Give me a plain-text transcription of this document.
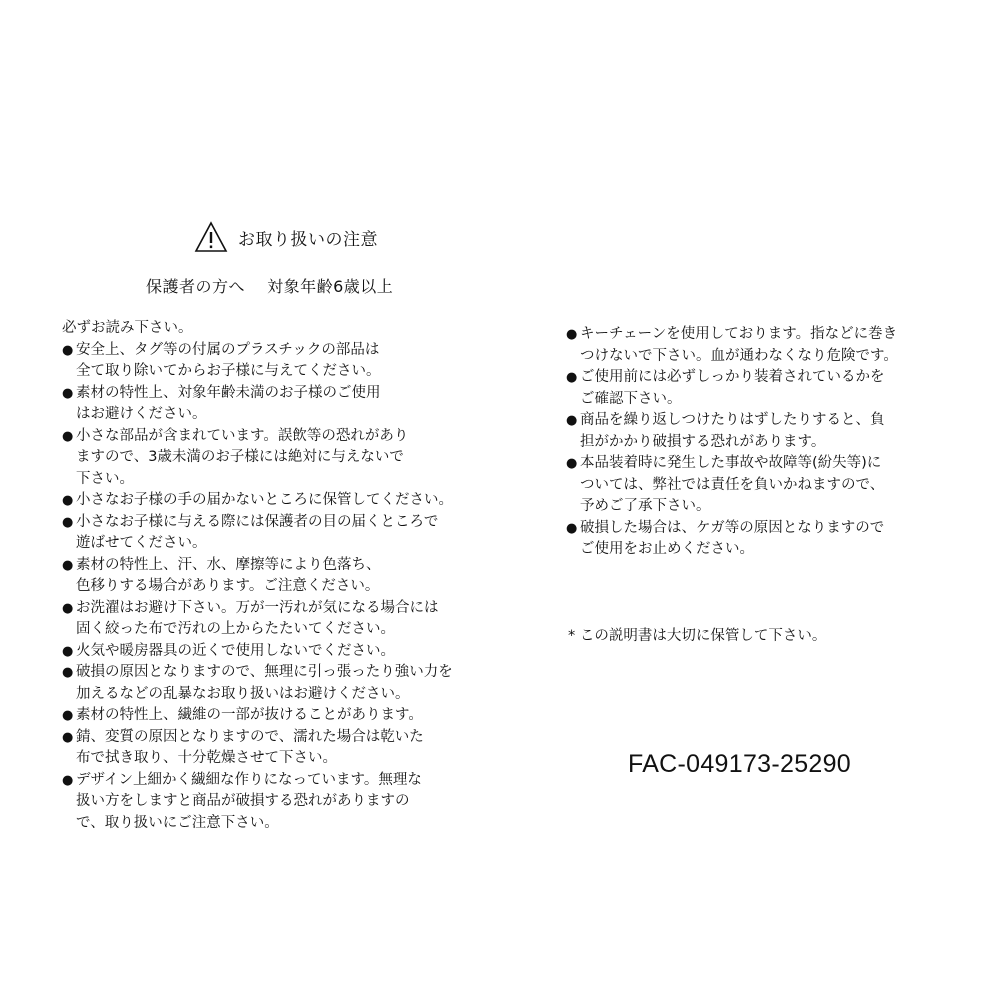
お取り扱いの注意
保護者の方へ　 対象年齢6歳以上
必ずお読み下さい。
● 安全上、タグ等の付属のプラスチックの部品は
全て取り除いてからお子様に与えてください。
● 素材の特性上、対象年齢未満のお子様のご使用
はお避けください。
● 小さな部品が含まれています。誤飲等の恐れがあり
ますので、3歳未満のお子様には絶対に与えないで
下さい。
● 小さなお子様の手の届かないところに保管してください。
● 小さなお子様に与える際には保護者の目の届くところで
遊ばせてください。
● 素材の特性上、汗、水、摩擦等により色落ち、
色移りする場合があります。ご注意ください。
● お洗濯はお避け下さい。万が一汚れが気になる場合には
固く絞った布で汚れの上からたたいてください。
● 火気や暖房器具の近くで使用しないでください。
● 破損の原因となりますので、無理に引っ張ったり強い力を
加えるなどの乱暴なお取り扱いはお避けください。
● 素材の特性上、繊維の一部が抜けることがあります。
● 錆、変質の原因となりますので、濡れた場合は乾いた
布で拭き取り、十分乾燥させて下さい。
● デザイン上細かく繊細な作りになっています。無理な
扱い方をしますと商品が破損する恐れがありますの
で、取り扱いにご注意下さい。
● キーチェーンを使用しております。指などに巻き
つけないで下さい。血が通わなくなり危険です。
● ご使用前には必ずしっかり装着されているかを
ご確認下さい。
● 商品を繰り返しつけたりはずしたりすると、負
担がかかり破損する恐れがあります。
● 本品装着時に発生した事故や故障等(紛失等)に
ついては、弊社では責任を負いかねますので、
予めご了承下さい。
● 破損した場合は、ケガ等の原因となりますので
ご使用をお止めください。
* この説明書は大切に保管して下さい。
FAC-049173-25290
